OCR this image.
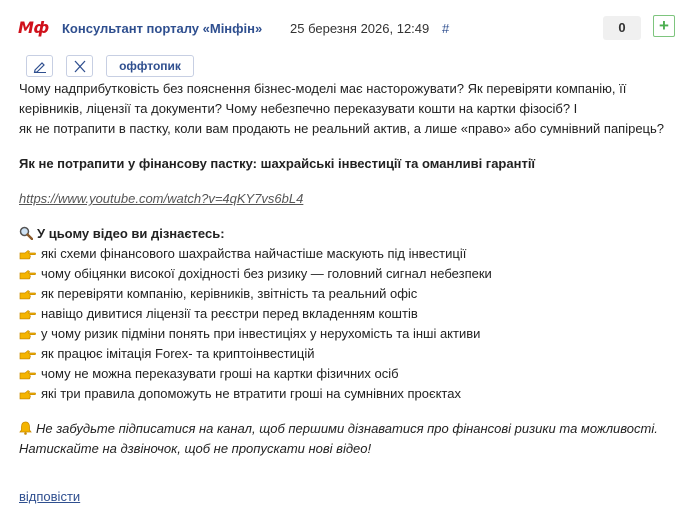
Мф Консультант порталу «Мінфін» 25 березня 2026, 12:49 #	0	+
оффтопик

Чому надприбутковість без пояснення бізнес-моделі має насторожувати? Як перевіряти компанію, її керівників, ліцензії та документи? Чому небезпечно переказувати кошти на картки фізосіб? І

як не потрапити в пастку, коли вам продають не реальний актив, а лише «право» або сумнівний папірець?

Як не потрапити у фінансову пастку: шахрайські інвестиції та оманливі гарантії

https://www.youtube.com/watch?v=4qKY7vs6bL4

У цьому відео ви дізнаєтесь:

які схеми фінансового шахрайства найчастіше маскують під інвестиції
чому обіцянки високої дохідності без ризику — головний сигнал небезпеки
як перевіряти компанію, керівників, звітність та реальний офіс
навіщо дивитися ліцензії та реєстри перед вкладенням коштів
у чому ризик підміни понять при інвестиціях у нерухомість та інші активи
як працює імітація Forex- та криптоінвестицій
чому не можна переказувати гроші на картки фізичних осіб
які три правила допоможуть не втратити гроші на сумнівних проєктах

Не забудьте підписатися на канал, щоб першими дізнаватися про фінансові ризики та можливості.

Натискайте на дзвіночок, щоб не пропускати нові відео!

відповісти
